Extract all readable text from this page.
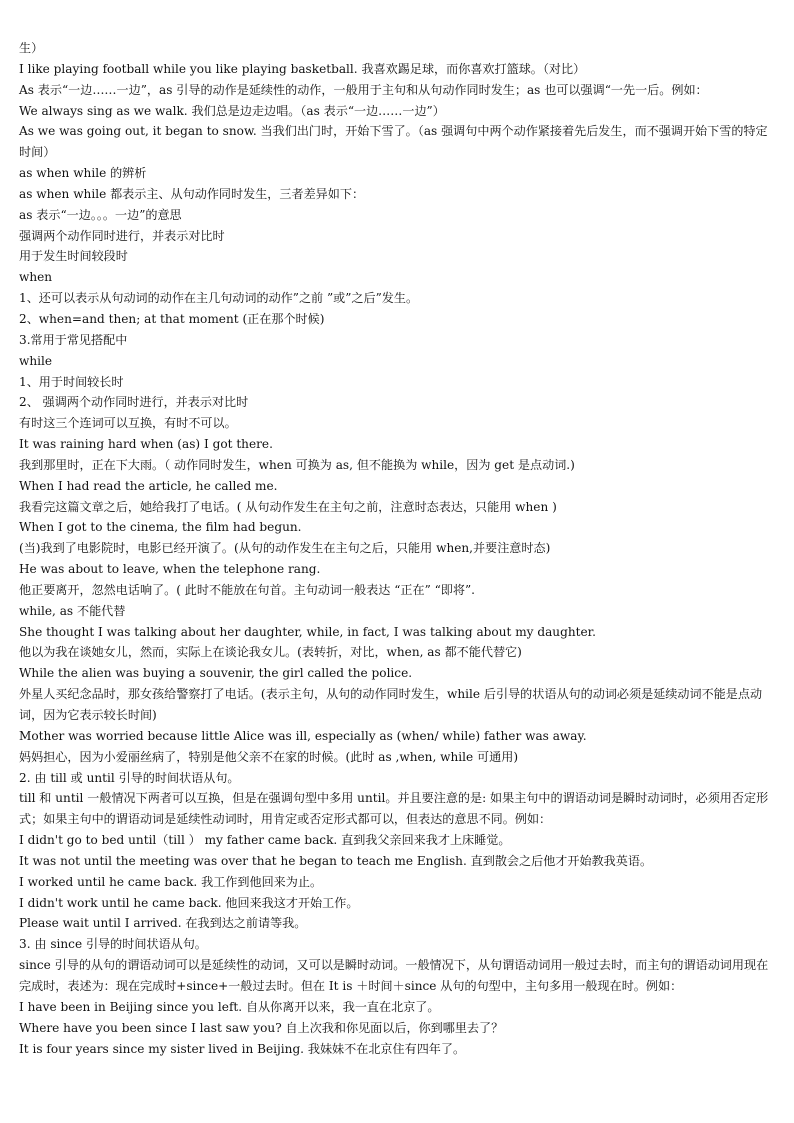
生）

I like playing football while you like playing basketball. 我喜欢踢足球，而你喜欢打篮球。（对比）

As 表示“一边……一边”，as 引导的动作是延续性的动作，一般用于主句和从句动作同时发生；as 也可以强调“一先一后。例如：

We always sing as we walk. 我们总是边走边唱。（as 表示“一边……一边”）

As we was going out, it began to snow. 当我们出门时，开始下雪了。（as 强调句中两个动作紧接着先后发生，而不强调开始下雪的特定时间）

as when while 的辨析

as when while 都表示主、从句动作同时发生，三者差异如下：

as 表示“一边。。。一边”的意思

强调两个动作同时进行，并表示对比时

用于发生时间较段时

when

1、还可以表示从句动词的动作在主几句动词的动作”之前 ”或”之后”发生。

2、when=and then; at that moment (正在那个时候)

3.常用于常见搭配中

while

1、用于时间较长时

2、 强调两个动作同时进行，并表示对比时

有时这三个连词可以互换，有时不可以。

It was raining hard when (as) I got there.

我到那里时，正在下大雨。（ 动作同时发生，when 可换为 as, 但不能换为 while，因为 get 是点动词.)

When I had read the article, he called me.

我看完这篇文章之后，她给我打了电话。( 从句动作发生在主句之前，注意时态表达，只能用 when )

When I got to the cinema, the film had begun.

(当)我到了电影院时，电影已经开演了。(从句的动作发生在主句之后，只能用 when,并要注意时态)

He was about to leave, when the telephone rang.

他正要离开，忽然电话响了。( 此时不能放在句首。主句动词一般表达 “正在” “即将”.

while, as 不能代替

She thought I was talking about her daughter, while, in fact, I was talking about my daughter.

他以为我在谈她女儿，然而，实际上在谈论我女儿。(表转折，对比，when, as 都不能代替它)

While the alien was buying a souvenir, the girl called the police.

外星人买纪念品时，那女孩给警察打了电话。(表示主句，从句的动作同时发生，while 后引导的状语从句的动词必须是延续动词不能是点动词，因为它表示较长时间)

Mother was worried because little Alice was ill, especially as (when/ while) father was away.

妈妈担心，因为小爱丽丝病了，特别是他父亲不在家的时候。(此时 as ,when, while 可通用)

2. 由 till 或 until 引导的时间状语从句。

till 和 until 一般情况下两者可以互换，但是在强调句型中多用 until。并且要注意的是: 如果主句中的谓语动词是瞬时动词时，必须用否定形式；如果主句中的谓语动词是延续性动词时，用肯定或否定形式都可以，但表达的意思不同。例如：

I didn't go to bed until（till ） my father came back. 直到我父亲回来我才上床睡觉。

It was not until the meeting was over that he began to teach me English. 直到散会之后他才开始教我英语。

I worked until he came back. 我工作到他回来为止。

I didn't work until he came back. 他回来我这才开始工作。

Please wait until I arrived. 在我到达之前请等我。

3. 由 since 引导的时间状语从句。

since 引导的从句的谓语动词可以是延续性的动词，又可以是瞬时动词。一般情况下，从句谓语动词用一般过去时，而主句的谓语动词用现在完成时，表述为：现在完成时+since+一般过去时。但在 It is ＋时间＋since 从句的句型中，主句多用一般现在时。例如：

I have been in Beijing since you left. 自从你离开以来，我一直在北京了。

Where have you been since I last saw you? 自上次我和你见面以后，你到哪里去了？

It is four years since my sister lived in Beijing. 我妹妹不在北京住有四年了。
